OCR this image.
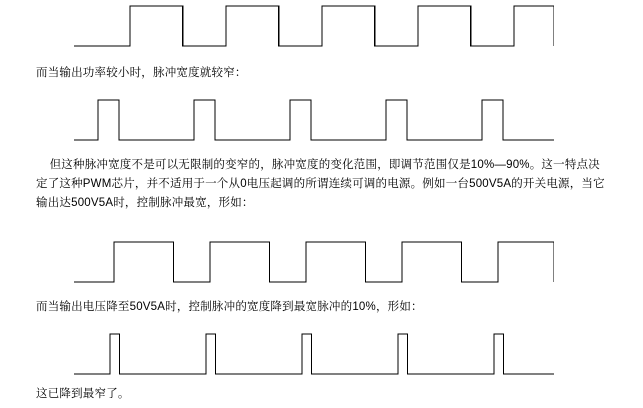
而当输出功率较小时，脉冲宽度就较窄：
但这种脉冲宽度不是可以无限制的变窄的，脉冲宽度的变化范围，即调节范围仅是10%—90%。这一特点决定了这种PWM芯片，并不适用于一个从0电压起调的所谓连续可调的电源。例如一台500V5A的开关电源，当它输出达500V5A时，控制脉冲最宽，形如：
而当输出电压降至50V5A时，控制脉冲的宽度降到最宽脉冲的10%，形如：
这已降到最窄了。
